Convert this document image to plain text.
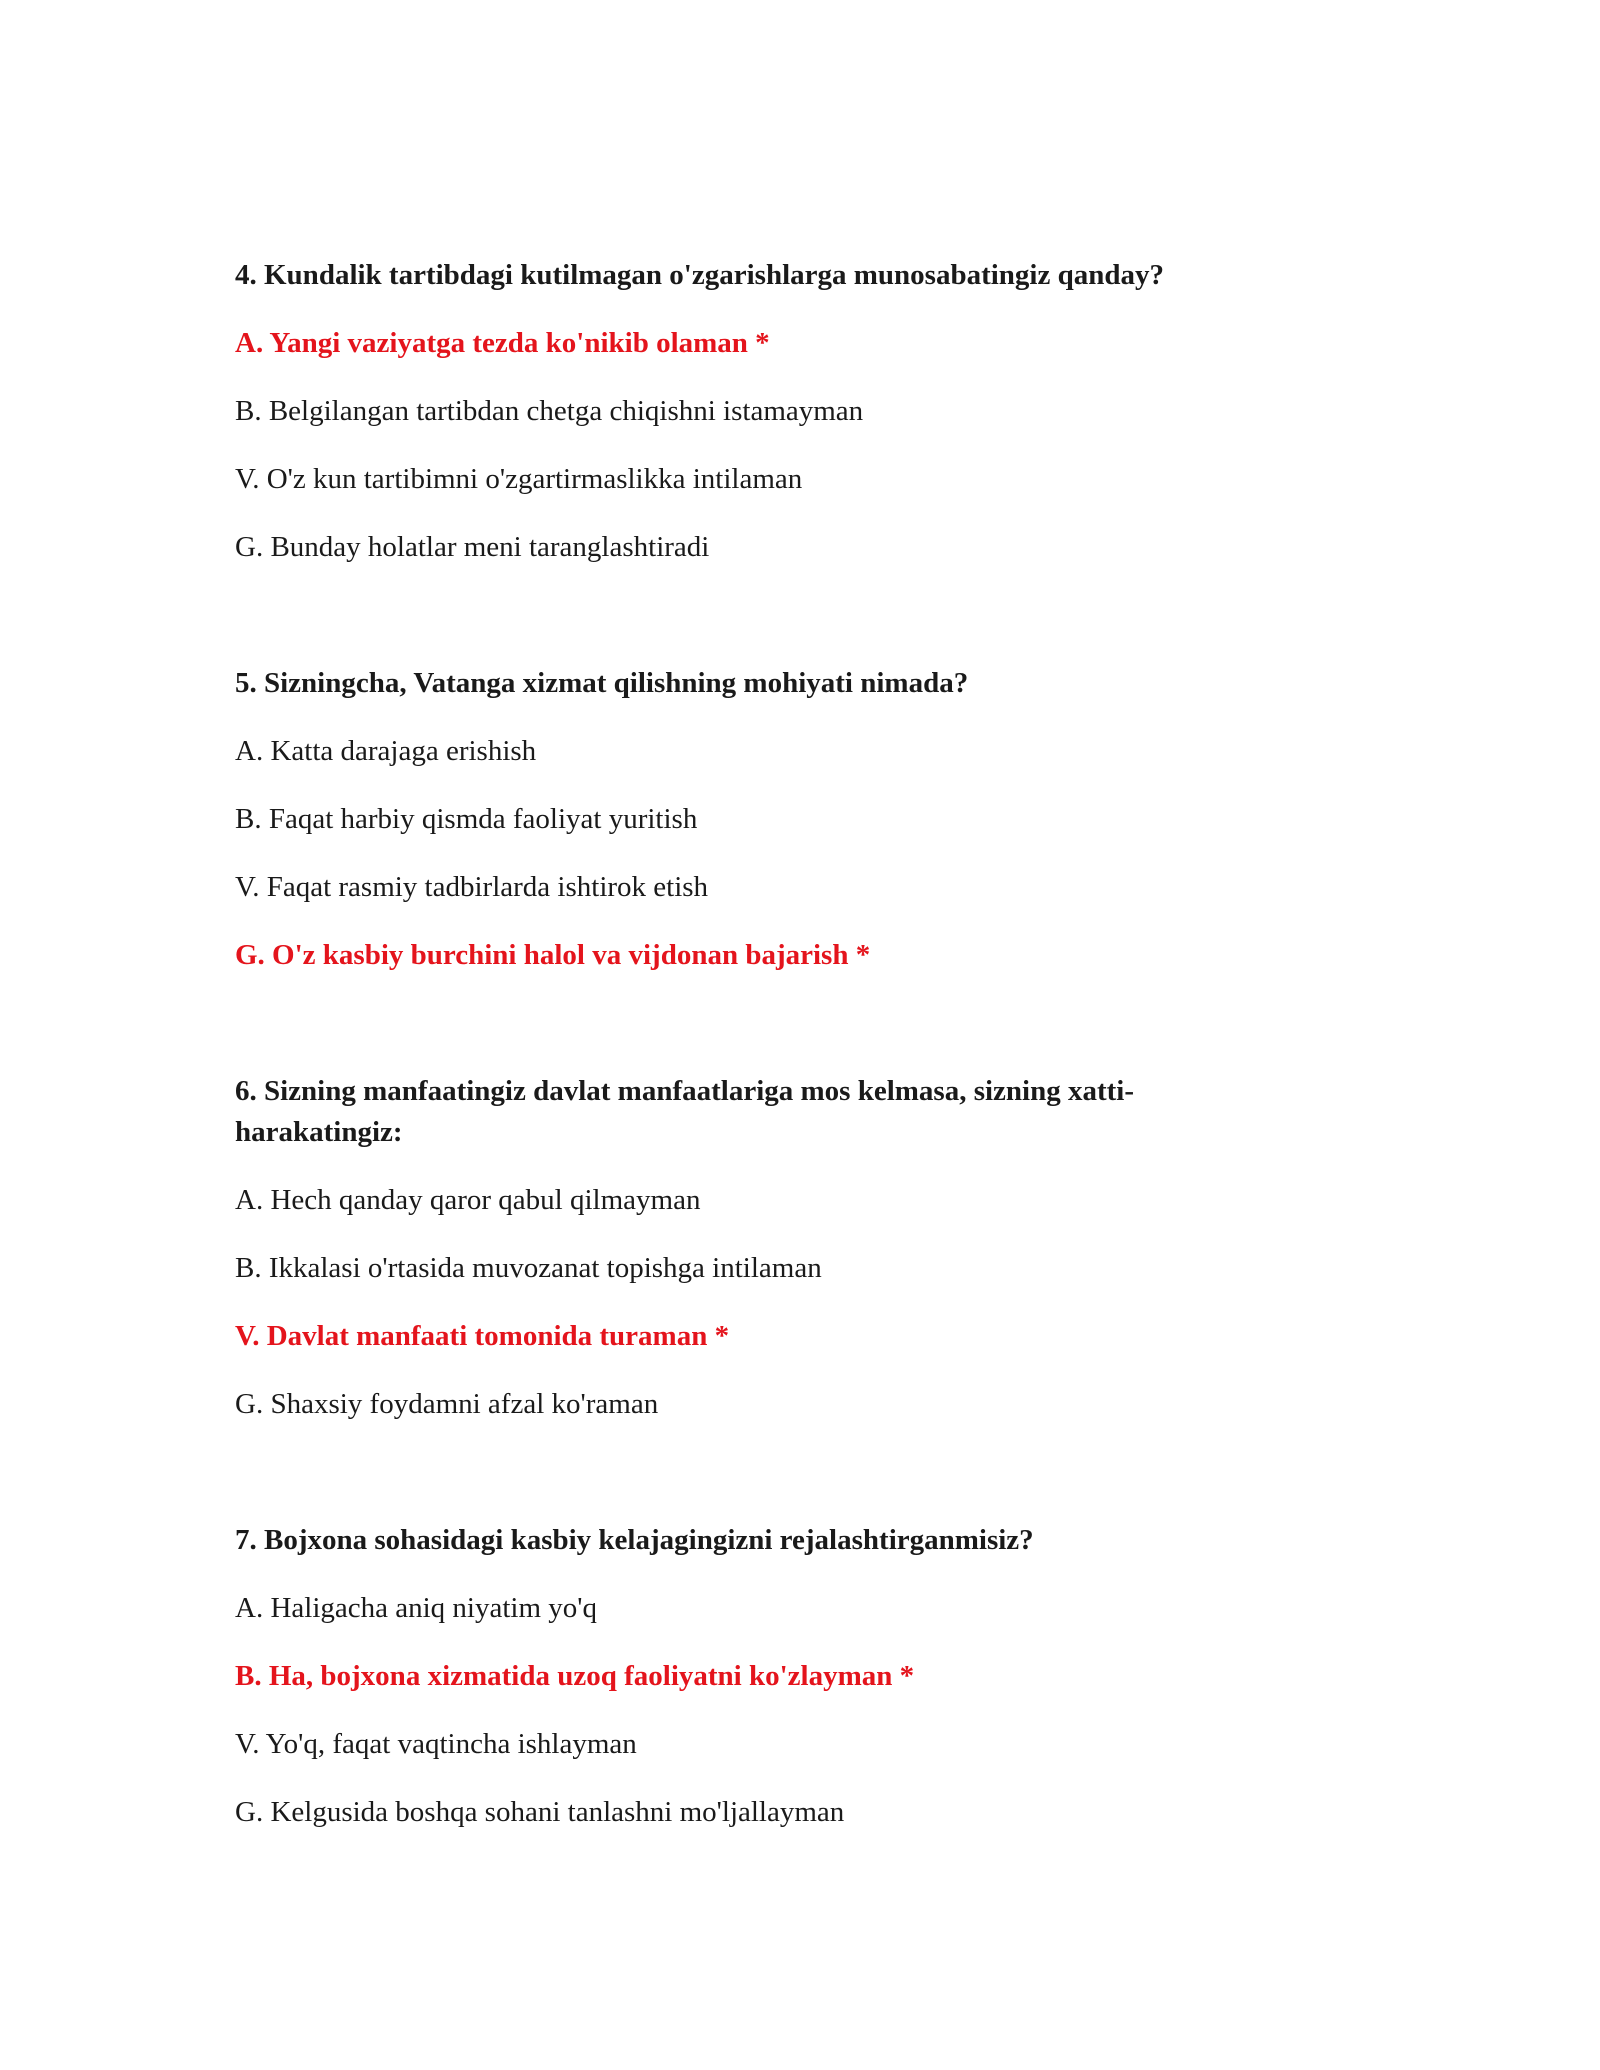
4. Kundalik tartibdagi kutilmagan o'zgarishlarga munosabatingiz qanday?
A. Yangi vaziyatga tezda ko'nikib olaman *
B. Belgilangan tartibdan chetga chiqishni istamayman
V. O'z kun tartibimni o'zgartirmaslikka intilaman
G. Bunday holatlar meni taranglashtiradi
5. Sizningcha, Vatanga xizmat qilishning mohiyati nimada?
A. Katta darajaga erishish
B. Faqat harbiy qismda faoliyat yuritish
V. Faqat rasmiy tadbirlarda ishtirok etish
G. O'z kasbiy burchini halol va vijdonan bajarish *
6. Sizning manfaatingiz davlat manfaatlariga mos kelmasa, sizning xatti-
harakatingiz:
A. Hech qanday qaror qabul qilmayman
B. Ikkalasi o'rtasida muvozanat topishga intilaman
V. Davlat manfaati tomonida turaman *
G. Shaxsiy foydamni afzal ko'raman
7. Bojxona sohasidagi kasbiy kelajagingizni rejalashtirganmisiz?
A. Haligacha aniq niyatim yo'q
B. Ha, bojxona xizmatida uzoq faoliyatni ko'zlayman *
V. Yo'q, faqat vaqtincha ishlayman
G. Kelgusida boshqa sohani tanlashni mo'ljallayman
